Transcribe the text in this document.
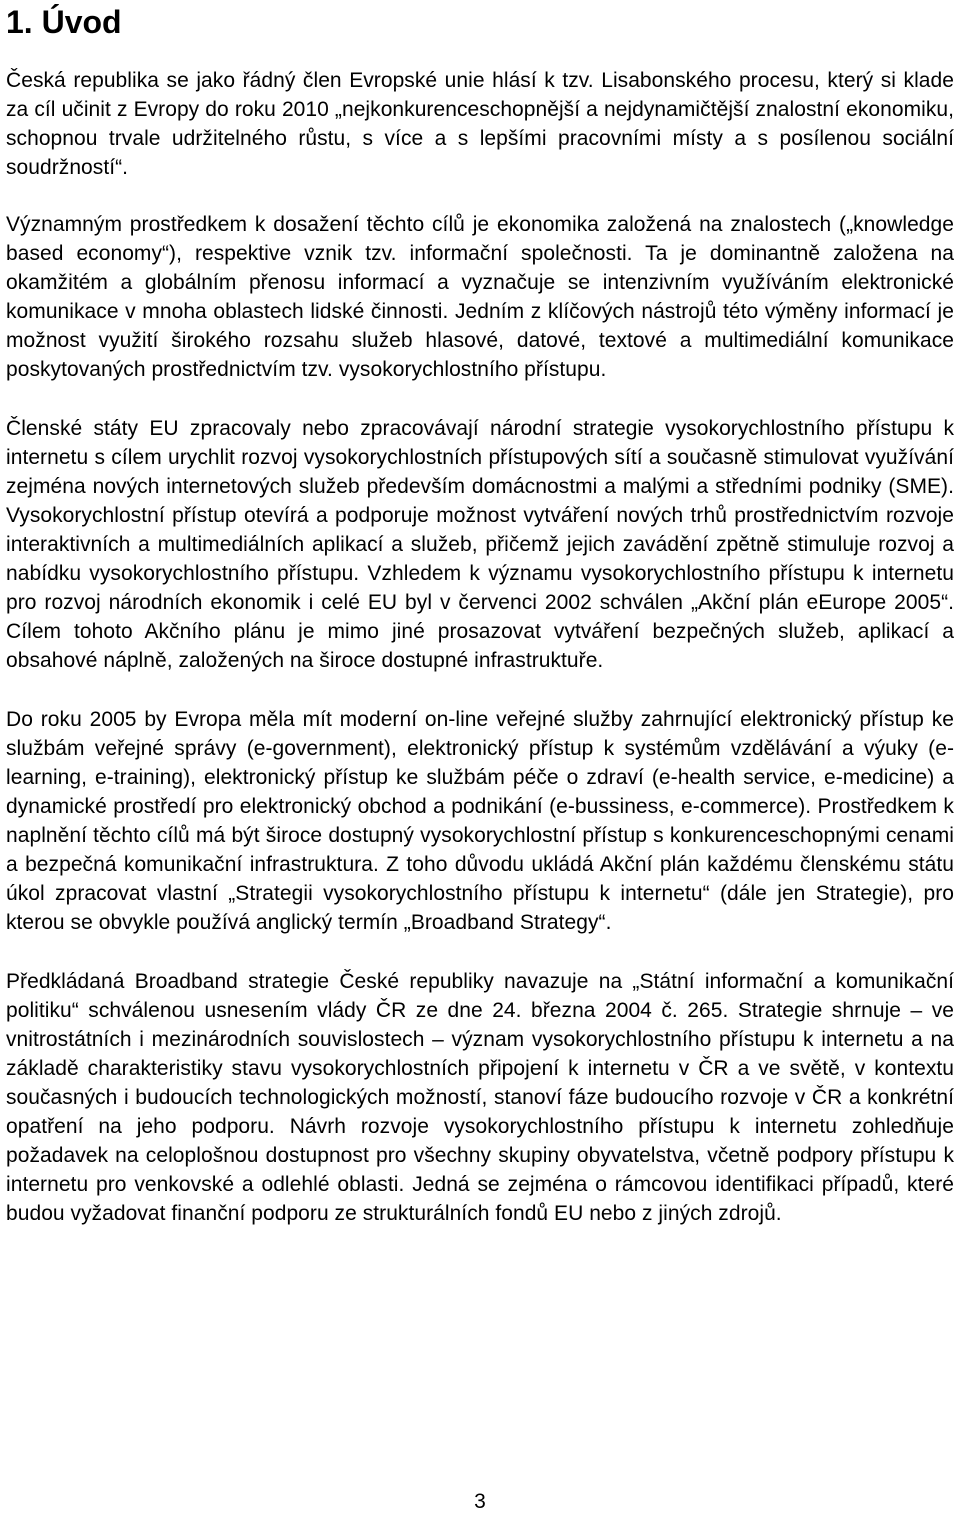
1. Úvod

Česká republika se jako řádný člen Evropské unie hlásí k tzv. Lisabonského procesu, který si klade za cíl učinit z Evropy do roku 2010 „nejkonkurenceschopnější a nejdynamičtější znalostní ekonomiku, schopnou trvale udržitelného růstu, s více a s lepšími pracovními místy a s posílenou sociální soudržností“.

Významným prostředkem k dosažení těchto cílů je ekonomika založená na znalostech („knowledge based economy“), respektive vznik tzv. informační společnosti. Ta je dominantně založena na okamžitém a globálním přenosu informací a vyznačuje se intenzivním využíváním elektronické komunikace v mnoha oblastech lidské činnosti. Jedním z klíčových nástrojů této výměny informací je možnost využití širokého rozsahu služeb hlasové, datové, textové a multimediální komunikace poskytovaných prostřednictvím tzv. vysokorychlostního přístupu.

Členské státy EU zpracovaly nebo zpracovávají národní strategie vysokorychlostního přístupu k internetu s cílem urychlit rozvoj vysokorychlostních přístupových sítí a současně stimulovat využívání zejména nových internetových služeb především domácnostmi a malými a středními podniky (SME). Vysokorychlostní přístup otevírá a podporuje možnost vytváření nových trhů prostřednictvím rozvoje interaktivních a multimediálních aplikací a služeb, přičemž jejich zavádění zpětně stimuluje rozvoj a nabídku vysokorychlostního přístupu. Vzhledem k významu vysokorychlostního přístupu k internetu pro rozvoj národních ekonomik i celé EU byl v červenci 2002 schválen „Akční plán eEurope 2005“. Cílem tohoto Akčního plánu je mimo jiné prosazovat vytváření bezpečných služeb, aplikací a obsahové náplně, založených na široce dostupné infrastruktuře.

Do roku 2005 by Evropa měla mít moderní on-line veřejné služby zahrnující elektronický přístup ke službám veřejné správy (e-government), elektronický přístup k systémům vzdělávání a výuky (e-learning, e-training), elektronický přístup ke službám péče o zdraví (e-health service, e-medicine) a dynamické prostředí pro elektronický obchod a podnikání (e-bussiness, e-commerce). Prostředkem k naplnění těchto cílů má být široce dostupný vysokorychlostní přístup s konkurenceschopnými cenami a bezpečná komunikační infrastruktura. Z toho důvodu ukládá Akční plán každému členskému státu úkol zpracovat vlastní „Strategii vysokorychlostního přístupu k internetu“ (dále jen Strategie), pro kterou se obvykle používá anglický termín „Broadband Strategy“.

Předkládaná Broadband strategie České republiky navazuje na „Státní informační a komunikační politiku“ schválenou usnesením vlády ČR ze dne 24. března 2004 č. 265. Strategie shrnuje – ve vnitrostátních i mezinárodních souvislostech – význam vysokorychlostního přístupu k internetu a na základě charakteristiky stavu vysokorychlostních připojení k internetu v ČR a ve světě, v kontextu současných i budoucích technologických možností, stanoví fáze budoucího rozvoje v ČR a konkrétní opatření na jeho podporu. Návrh rozvoje vysokorychlostního přístupu k internetu zohledňuje požadavek na celoplošnou dostupnost pro všechny skupiny obyvatelstva, včetně podpory přístupu k internetu pro venkovské a odlehlé oblasti. Jedná se zejména o rámcovou identifikaci případů, které budou vyžadovat finanční podporu ze strukturálních fondů EU nebo z jiných zdrojů.

3
